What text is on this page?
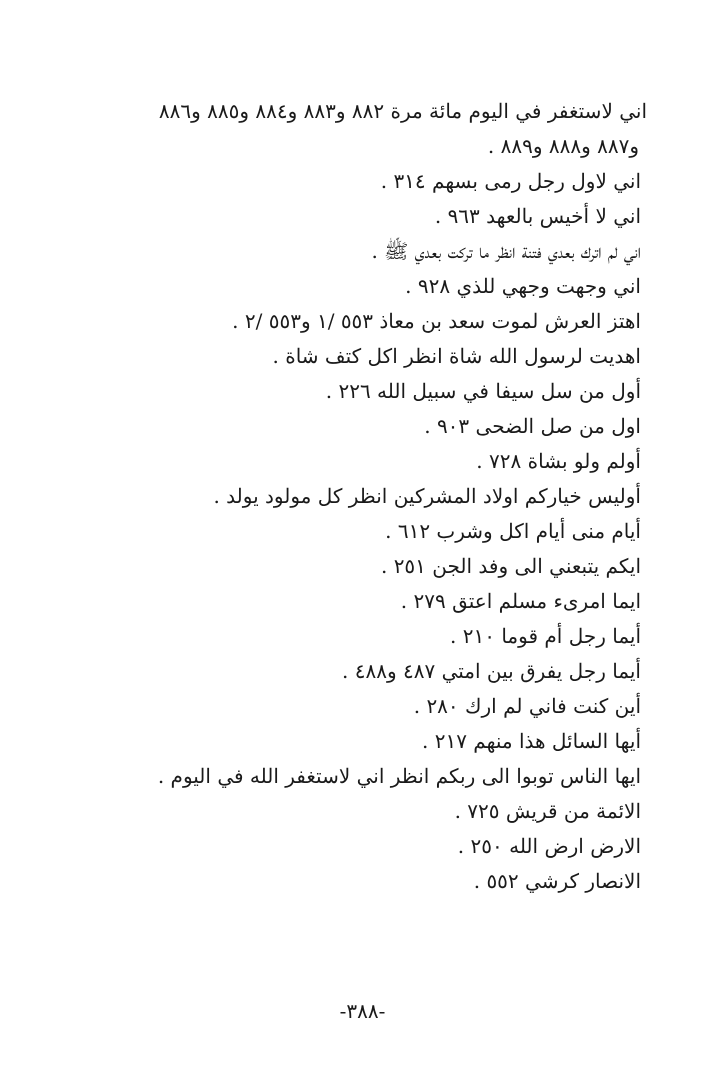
اني لاستغفر في اليوم مائة مرة ٨٨٢ و٨٨٣ و٨٨٤ و٨٨٥ و٨٨٦
و٨٨٧ و٨٨٨ و٨٨٩ .
اني لاول رجل رمى بسهم ٣١٤ .
اني لا أخيس بالعهد ٩٦٣ .
اني لم اترك بعدي فتنة انظر ما تركت بعدي ﷺ .
اني وجهت وجهي للذي ٩٢٨ .
اهتز العرش لموت سعد بن معاذ ٥٥٣ /١ و٥٥٣ /٢ .
اهديت لرسول الله شاة انظر اكل كتف شاة .
أول من سل سيفا في سبيل الله ٢٢٦ .
اول من صل الضحى ٩٠٣ .
أولم ولو بشاة ٧٢٨ .
أوليس خياركم اولاد المشركين انظر كل مولود يولد .
أيام منى أيام اكل وشرب ٦١٢ .
ايكم يتبعني الى وفد الجن ٢٥١ .
ايما امرىء مسلم اعتق ٢٧٩ .
أيما رجل أم قوما ٢١٠ .
أيما رجل يفرق بين امتي ٤٨٧ و٤٨٨ .
أين كنت فاني لم ارك ٢٨٠ .
أيها السائل هذا منهم ٢١٧ .
ايها الناس توبوا الى ربكم انظر اني لاستغفر الله في اليوم .
الائمة من قريش ٧٢٥ .
الارض ارض الله ٢٥٠ .
الانصار كرشي ٥٥٢ .
-٣٨٨-
